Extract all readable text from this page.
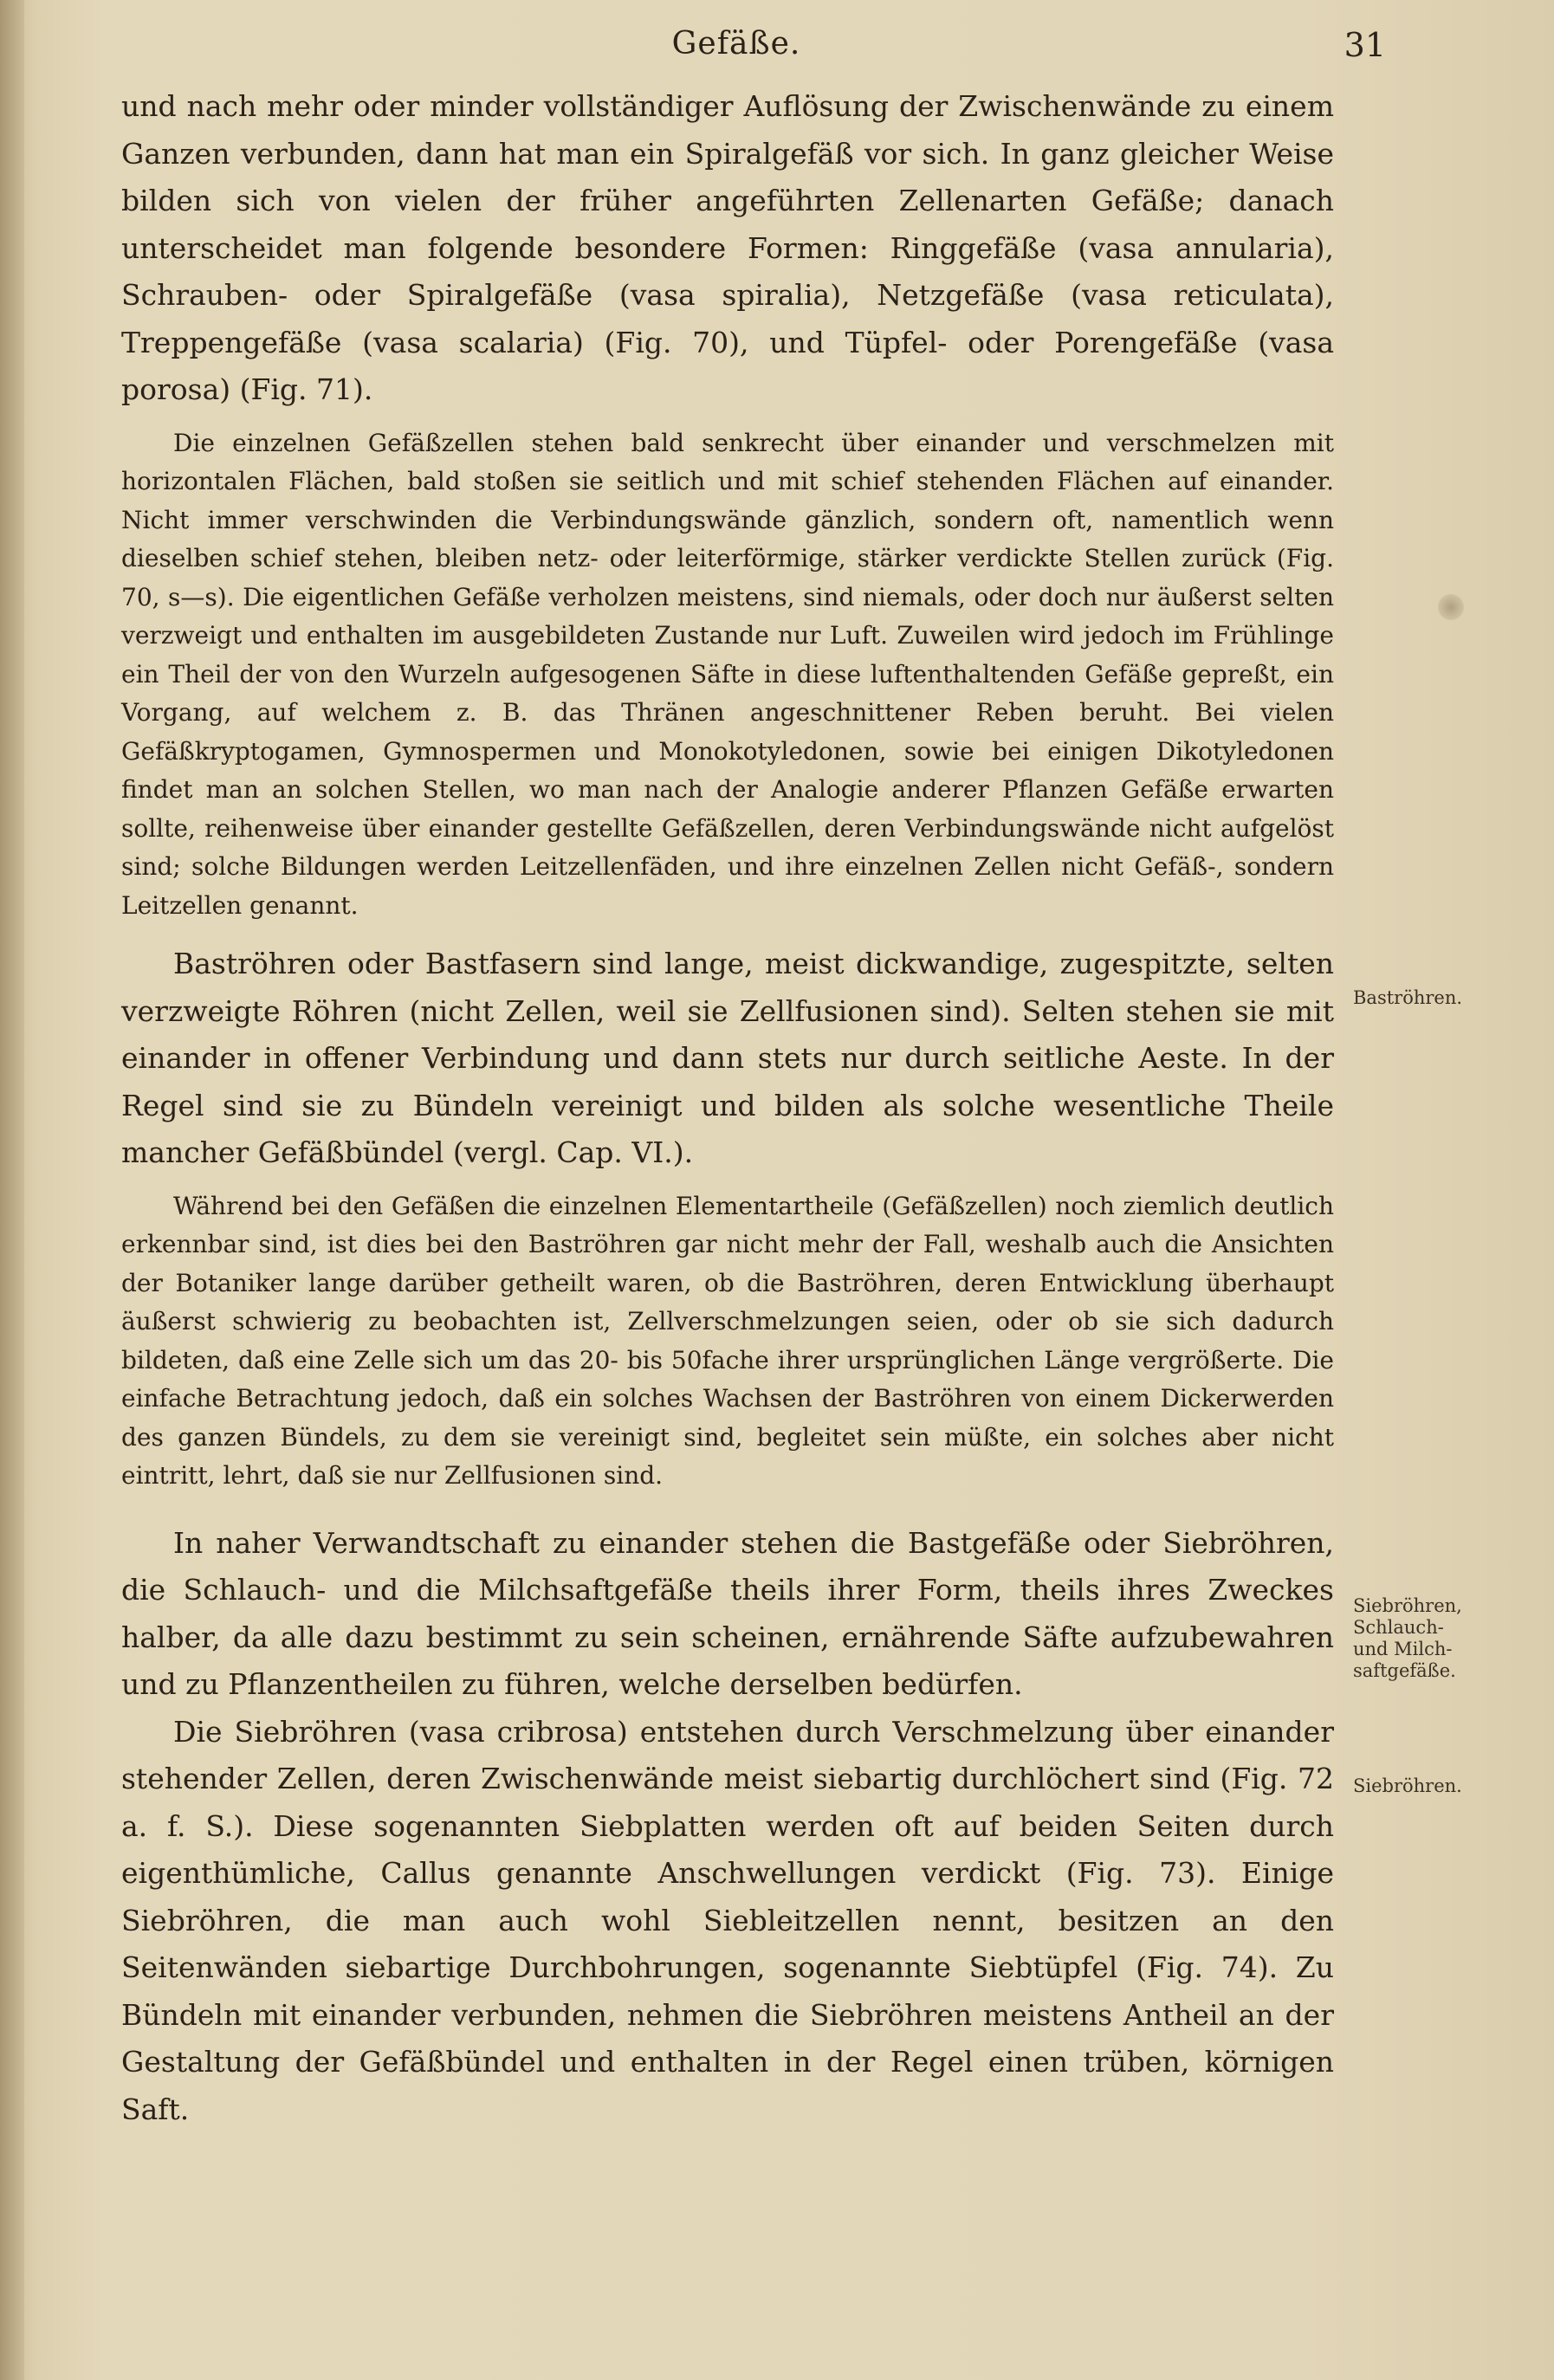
Gefäße.	31

und nach mehr oder minder vollständiger Auflösung der Zwischenwände zu einem Ganzen verbunden, dann hat man ein Spiralgefäß vor sich. In ganz gleicher Weise bilden sich von vielen der früher angeführten Zellenarten Gefäße; danach unterscheidet man folgende besondere Formen: Ringgefäße (vasa annularia), Schrauben- oder Spiralgefäße (vasa spiralia), Netzgefäße (vasa reticulata), Treppengefäße (vasa scalaria) (Fig. 70), und Tüpfel- oder Porengefäße (vasa porosa) (Fig. 71).

Die einzelnen Gefäßzellen stehen bald senkrecht über einander und verschmelzen mit horizontalen Flächen, bald stoßen sie seitlich und mit schief stehenden Flächen auf einander. Nicht immer verschwinden die Verbindungswände gänzlich, sondern oft, namentlich wenn dieselben schief stehen, bleiben netz- oder leiterförmige, stärker verdickte Stellen zurück (Fig. 70, s—s). Die eigentlichen Gefäße verholzen meistens, sind niemals, oder doch nur äußerst selten verzweigt und enthalten im ausgebildeten Zustande nur Luft. Zuweilen wird jedoch im Frühlinge ein Theil der von den Wurzeln aufgesogenen Säfte in diese luftenthaltenden Gefäße gepreßt, ein Vorgang, auf welchem z. B. das Thränen angeschnittener Reben beruht. Bei vielen Gefäßkryptogamen, Gymnospermen und Monokotyledonen, sowie bei einigen Dikotyledonen findet man an solchen Stellen, wo man nach der Analogie anderer Pflanzen Gefäße erwarten sollte, reihenweise über einander gestellte Gefäßzellen, deren Verbindungswände nicht aufgelöst sind; solche Bildungen werden Leitzellenfäden, und ihre einzelnen Zellen nicht Gefäß-, sondern Leitzellen genannt.

Baströhren oder Bastfasern sind lange, meist dickwandige, zugespitzte, selten verzweigte Röhren (nicht Zellen, weil sie Zellfusionen sind). Selten stehen sie mit einander in offener Verbindung und dann stets nur durch seitliche Aeste. In der Regel sind sie zu Bündeln vereinigt und bilden als solche wesentliche Theile mancher Gefäßbündel (vergl. Cap. VI.).

Während bei den Gefäßen die einzelnen Elementartheile (Gefäßzellen) noch ziemlich deutlich erkennbar sind, ist dies bei den Baströhren gar nicht mehr der Fall, weshalb auch die Ansichten der Botaniker lange darüber getheilt waren, ob die Baströhren, deren Entwicklung überhaupt äußerst schwierig zu beobachten ist, Zellverschmelzungen seien, oder ob sie sich dadurch bildeten, daß eine Zelle sich um das 20- bis 50fache ihrer ursprünglichen Länge vergrößerte. Die einfache Betrachtung jedoch, daß ein solches Wachsen der Baströhren von einem Dickerwerden des ganzen Bündels, zu dem sie vereinigt sind, begleitet sein müßte, ein solches aber nicht eintritt, lehrt, daß sie nur Zellfusionen sind.

In naher Verwandtschaft zu einander stehen die Bastgefäße oder Siebröhren, die Schlauch- und die Milchsaftgefäße theils ihrer Form, theils ihres Zweckes halber, da alle dazu bestimmt zu sein scheinen, ernährende Säfte aufzubewahren und zu Pflanzentheilen zu führen, welche derselben bedürfen.

Die Siebröhren (vasa cribrosa) entstehen durch Verschmelzung über einander stehender Zellen, deren Zwischenwände meist siebartig durchlöchert sind (Fig. 72 a. f. S.). Diese sogenannten Siebplatten werden oft auf beiden Seiten durch eigenthümliche, Callus genannte Anschwellungen verdickt (Fig. 73). Einige Siebröhren, die man auch wohl Siebleitzellen nennt, besitzen an den Seitenwänden siebartige Durchbohrungen, sogenannte Siebtüpfel (Fig. 74). Zu Bündeln mit einander verbunden, nehmen die Siebröhren meistens Antheil an der Gestaltung der Gefäßbündel und enthalten in der Regel einen trüben, körnigen Saft.

Baströhren.
Siebröhren,
Schlauch-
und Milch-
saftgefäße.
Siebröhren.
